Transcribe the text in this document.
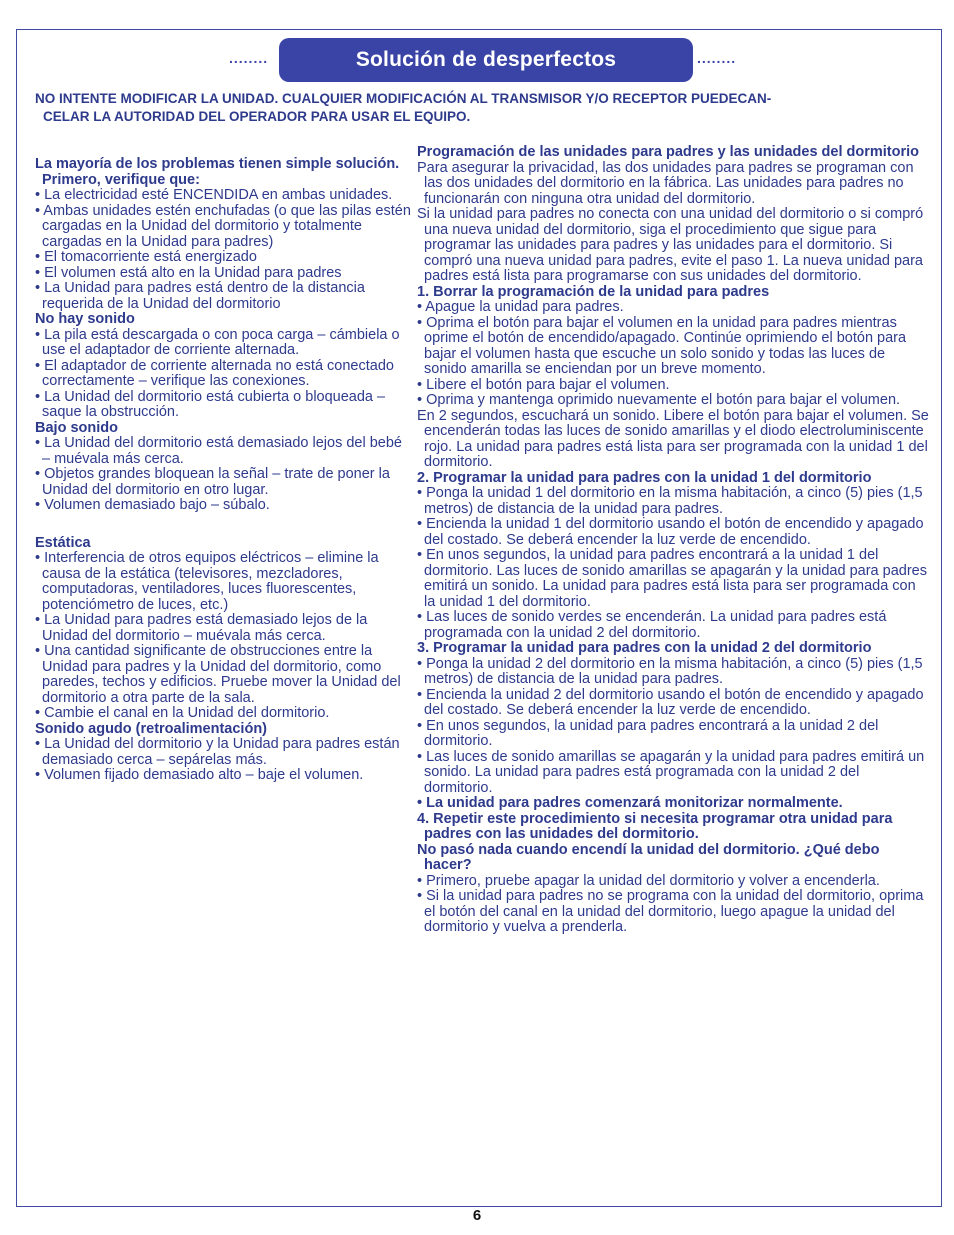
........	Solución de desperfectos	........
NO INTENTE MODIFICAR LA UNIDAD. CUALQUIER MODIFICACIÓN AL TRANSMISOR Y/O RECEPTOR PUEDECAN-
CELAR LA AUTORIDAD DEL OPERADOR PARA USAR EL EQUIPO.

La mayoría de los problemas tienen simple solución. Primero, verifique que:

• La electricidad esté ENCENDIDA en ambas unidades.

• Ambas unidades estén enchufadas (o que las pilas estén cargadas en la Unidad del dormitorio y totalmente cargadas en la Unidad para padres)

• El tomacorriente está energizado

• El volumen está alto en la Unidad para padres

• La Unidad para padres está dentro de la distancia requerida de la Unidad del dormitorio

No hay sonido

• La pila está descargada o con poca carga – cámbiela o use el adaptador de corriente alternada.

• El adaptador de corriente alternada no está conectado correctamente – verifique las conexiones.

• La Unidad del dormitorio está cubierta o bloqueada – saque la obstrucción.

Bajo sonido

• La Unidad del dormitorio está demasiado lejos del bebé – muévala más cerca.

• Objetos grandes bloquean la señal – trate de poner la Unidad del dormitorio en otro lugar.

• Volumen demasiado bajo – súbalo.

Estática

• Interferencia de otros equipos eléctricos – elimine la causa de la estática (televisores, mezcladores, computadoras, ventiladores, luces fluorescentes, potenciómetro de luces, etc.)

• La Unidad para padres está demasiado lejos de la Unidad del dormitorio – muévala más cerca.

• Una cantidad significante de obstrucciones entre la Unidad para padres y la Unidad del dormitorio, como paredes, techos y edificios. Pruebe mover la Unidad del dormitorio a otra parte de la sala.

• Cambie el canal en la Unidad del dormitorio.

Sonido agudo (retroalimentación)

• La Unidad del dormitorio y la Unidad para padres están demasiado cerca – sepárelas más.

• Volumen fijado demasiado alto – baje el volumen.

Programación de las unidades para padres y las unidades del dormitorio

Para asegurar la privacidad, las dos unidades para padres se programan con las dos unidades del dormitorio en la fábrica. Las unidades para padres no funcionarán con ninguna otra unidad del dormitorio.

Si la unidad para padres no conecta con una unidad del dormitorio o si compró una nueva unidad del dormitorio, siga el procedimiento que sigue para programar las unidades para padres y las unidades para el dormitorio. Si compró una nueva unidad para padres, evite el paso 1. La nueva unidad para padres está lista para programarse con sus unidades del dormitorio.

1. Borrar la programación de la unidad para padres

• Apague la unidad para padres.

• Oprima el botón para bajar el volumen en la unidad para padres mientras oprime el botón de encendido/apagado. Continúe oprimiendo el botón para bajar el volumen hasta que escuche un solo sonido y todas las luces de sonido amarilla se enciendan por un breve momento.

• Libere el botón para bajar el volumen.

• Oprima y mantenga oprimido nuevamente el botón para bajar el volumen.

En 2 segundos, escuchará un sonido. Libere el botón para bajar el volumen. Se encenderán todas las luces de sonido amarillas y el diodo electroluminiscente rojo. La unidad para padres está lista para ser programada con la unidad 1 del dormitorio.

2. Programar la unidad para padres con la unidad 1 del dormitorio

• Ponga la unidad 1 del dormitorio en la misma habitación, a cinco (5) pies (1,5 metros) de distancia de la unidad para padres.

• Encienda la unidad 1 del dormitorio usando el botón de encendido y apagado del costado. Se deberá encender la luz verde de encendido.

• En unos segundos, la unidad para padres encontrará a la unidad 1 del dormitorio. Las luces de sonido amarillas se apagarán y la unidad para padres emitirá un sonido. La unidad para padres está lista para ser programada con la unidad 1 del dormitorio.

• Las luces de sonido verdes se encenderán. La unidad para padres está programada con la unidad 2 del dormitorio.

3. Programar la unidad para padres con la unidad 2 del dormitorio

• Ponga la unidad 2 del dormitorio en la misma habitación, a cinco (5) pies (1,5 metros) de distancia de la unidad para padres.

• Encienda la unidad 2 del dormitorio usando el botón de encendido y apagado del costado. Se deberá encender la luz verde de encendido.

• En unos segundos, la unidad para padres encontrará a la unidad 2 del dormitorio.

• Las luces de sonido amarillas se apagarán y la unidad para padres emitirá un sonido. La unidad para padres está programada con la unidad 2 del dormitorio.

• La unidad para padres comenzará monitorizar normalmente.

4. Repetir este procedimiento si necesita programar otra unidad para padres con las unidades del dormitorio.

No pasó nada cuando encendí la unidad del dormitorio. ¿Qué debo hacer?

• Primero, pruebe apagar la unidad del dormitorio y volver a encenderla.

• Si la unidad para padres no se programa con la unidad del dormitorio, oprima el botón del canal en la unidad del dormitorio, luego apague la unidad del dormitorio y vuelva a prenderla.

6
